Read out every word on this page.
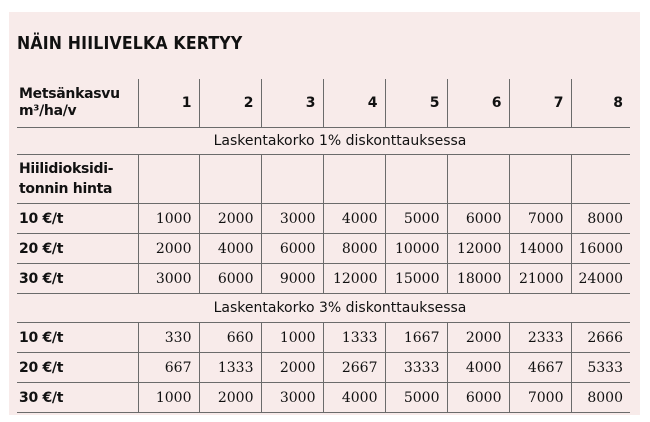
NÄIN HIILIVELKA KERTYY
Metsänkasvu
m³/ha/v	1	2	3	4	5	6	7	8
Laskentakorko 1% diskonttauksessa								
Hiilidioksidi-
tonnin hinta								
10 €/t	1000	2000	3000	4000	5000	6000	7000	8000
20 €/t	2000	4000	6000	8000	10000	12000	14000	16000
30 €/t	3000	6000	9000	12000	15000	18000	21000	24000
Laskentakorko 3% diskonttauksessa								
10 €/t	330	660	1000	1333	1667	2000	2333	2666
20 €/t	667	1333	2000	2667	3333	4000	4667	5333
30 €/t	1000	2000	3000	4000	5000	6000	7000	8000
